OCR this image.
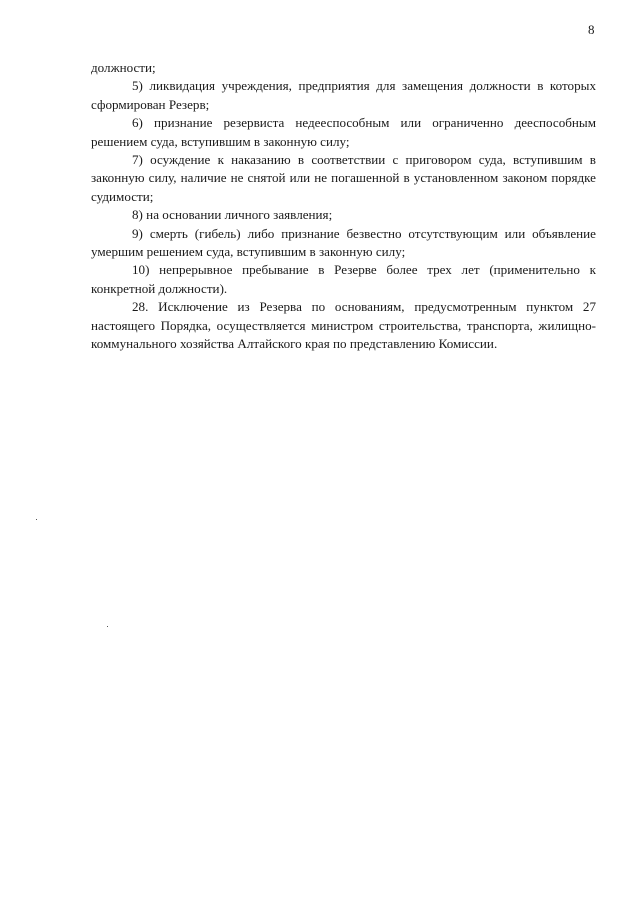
8

должности;

5) ликвидация учреждения, предприятия для замещения должности в которых сформирован Резерв;

6) признание резервиста недееспособным или ограниченно дееспособным решением суда, вступившим в законную силу;

7) осуждение к наказанию в соответствии с приговором суда, вступившим в законную силу, наличие не снятой или не погашенной в установленном законом порядке судимости;

8) на основании личного заявления;

9) смерть (гибель) либо признание безвестно отсутствующим или объявление умершим решением суда, вступившим в законную силу;

10) непрерывное пребывание в Резерве более трех лет (применительно к конкретной должности).

28. Исключение из Резерва по основаниям, предусмотренным пунктом 27 настоящего Порядка, осуществляется министром строительства, транспорта, жилищно-коммунального хозяйства Алтайского края по представлению Комиссии.
